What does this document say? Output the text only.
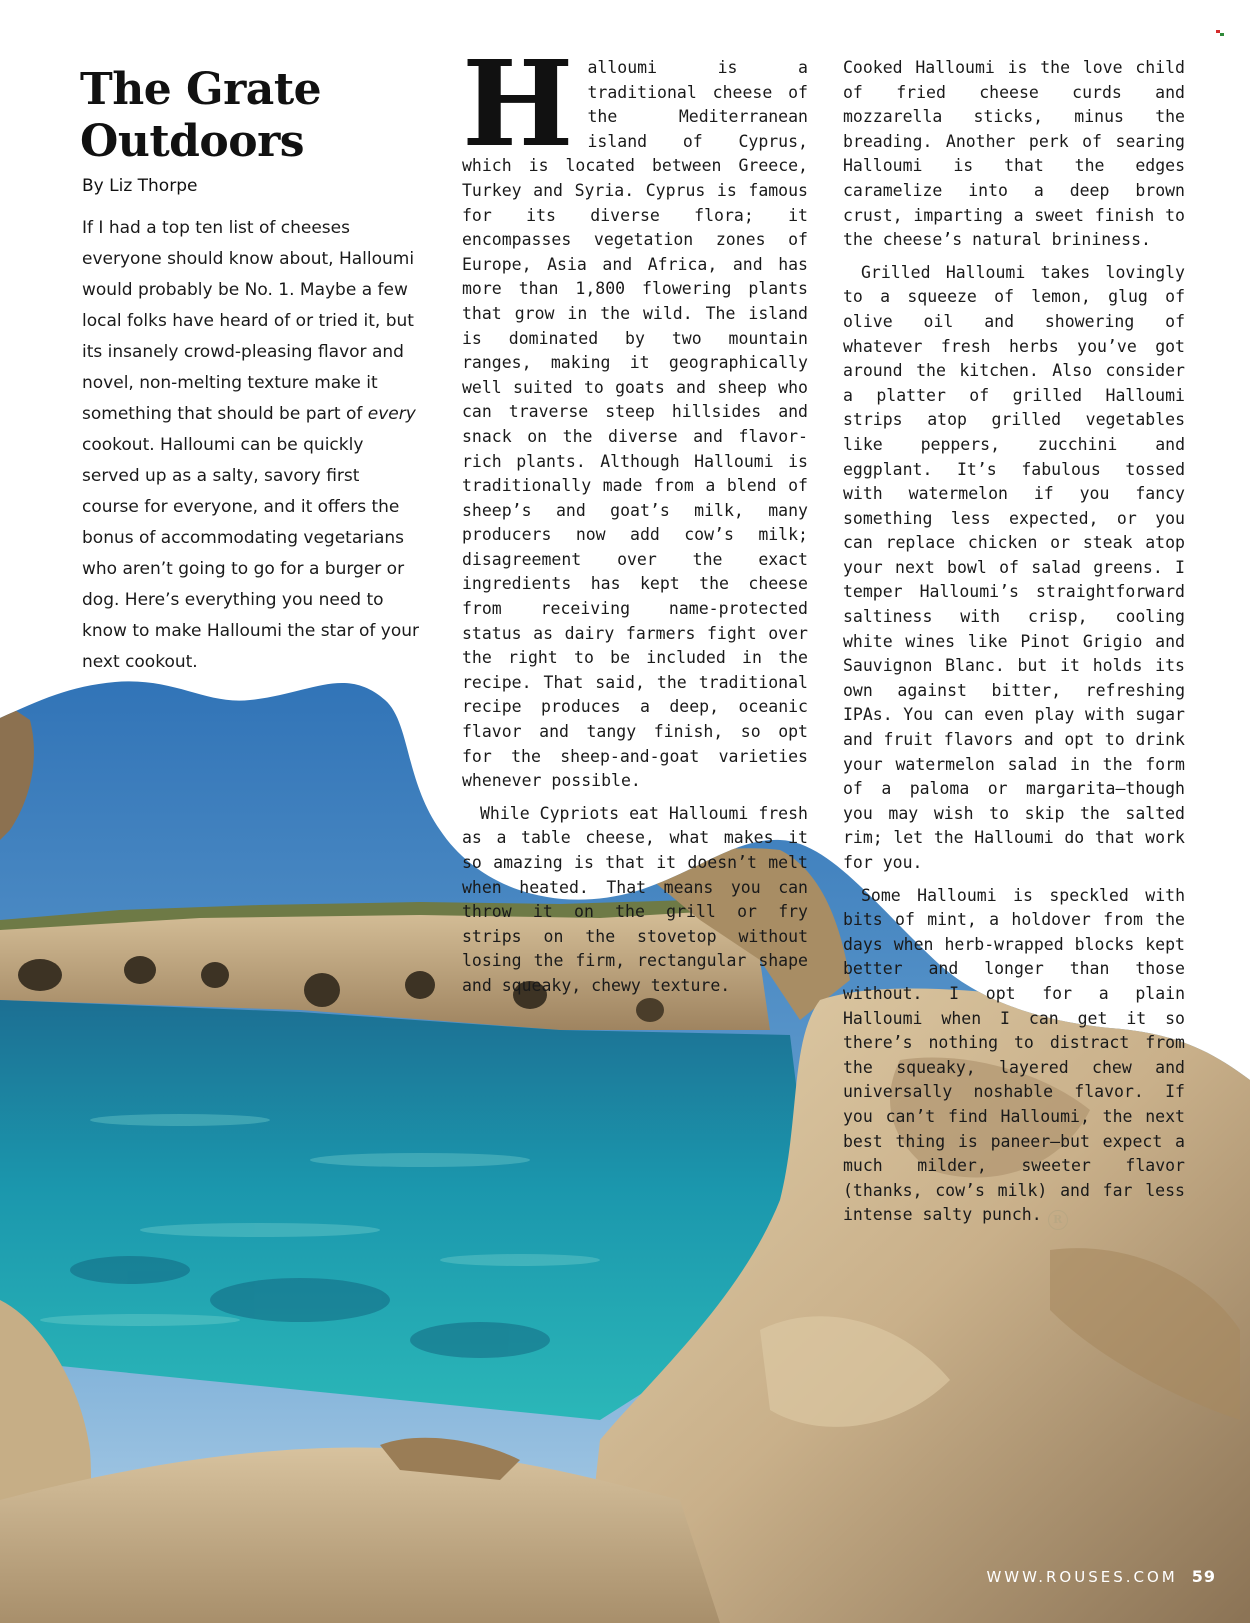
The Grate Outdoors

By Liz Thorpe

If I had a top ten list of cheeses everyone should know about, Halloumi would probably be No. 1. Maybe a few local folks have heard of or tried it, but its insanely crowd-pleasing flavor and novel, non-melting texture make it something that should be part of every cookout. Halloumi can be quickly served up as a salty, savory first course for everyone, and it offers the bonus of accommodating vegetarians who aren’t going to go for a burger or dog. Here’s everything you need to know to make Halloumi the star of your next cookout.

Halloumi is a traditional cheese of the Mediterranean island of Cyprus, which is located between Greece, Turkey and Syria. Cyprus is famous for its diverse flora; it encompasses vegetation zones of Europe, Asia and Africa, and has more than 1,800 flowering plants that grow in the wild. The island is dominated by two mountain ranges, making it geographically well suited to goats and sheep who can traverse steep hillsides and snack on the diverse and flavor-rich plants. Although Halloumi is traditionally made from a blend of sheep’s and goat’s milk, many producers now add cow’s milk; disagreement over the exact ingredients has kept the cheese from receiving name-protected status as dairy farmers fight over the right to be included in the recipe. That said, the traditional recipe produces a deep, oceanic flavor and tangy finish, so opt for the sheep-and-goat varieties whenever possible.

While Cypriots eat Halloumi fresh as a table cheese, what makes it so amazing is that it doesn’t melt when heated. That means you can throw it on the grill or fry strips on the stovetop without losing the firm, rectangular shape and squeaky, chewy texture.

Cooked Halloumi is the love child of fried cheese curds and mozzarella sticks, minus the breading. Another perk of searing Halloumi is that the edges caramelize into a deep brown crust, imparting a sweet finish to the cheese’s natural brininess.

Grilled Halloumi takes lovingly to a squeeze of lemon, glug of olive oil and showering of whatever fresh herbs you’ve got around the kitchen. Also consider a platter of grilled Halloumi strips atop grilled vegetables like peppers, zucchini and eggplant. It’s fabulous tossed with watermelon if you fancy something less expected, or you can replace chicken or steak atop your next bowl of salad greens. I temper Halloumi’s straightforward saltiness with crisp, cooling white wines like Pinot Grigio and Sauvignon Blanc. but it holds its own against bitter, refreshing IPAs. You can even play with sugar and fruit flavors and opt to drink your watermelon salad in the form of a paloma or margarita—though you may wish to skip the salted rim; let the Halloumi do that work for you.

Some Halloumi is speckled with bits of mint, a holdover from the days when herb-wrapped blocks kept better and longer than those without. I opt for a plain Halloumi when I can get it so there’s nothing to distract from the squeaky, layered chew and universally noshable flavor. If you can’t find Halloumi, the next best thing is paneer—but expect a much milder, sweeter flavor (thanks, cow’s milk) and far less intense salty punch. R

WWW.ROUSES.COM 59
